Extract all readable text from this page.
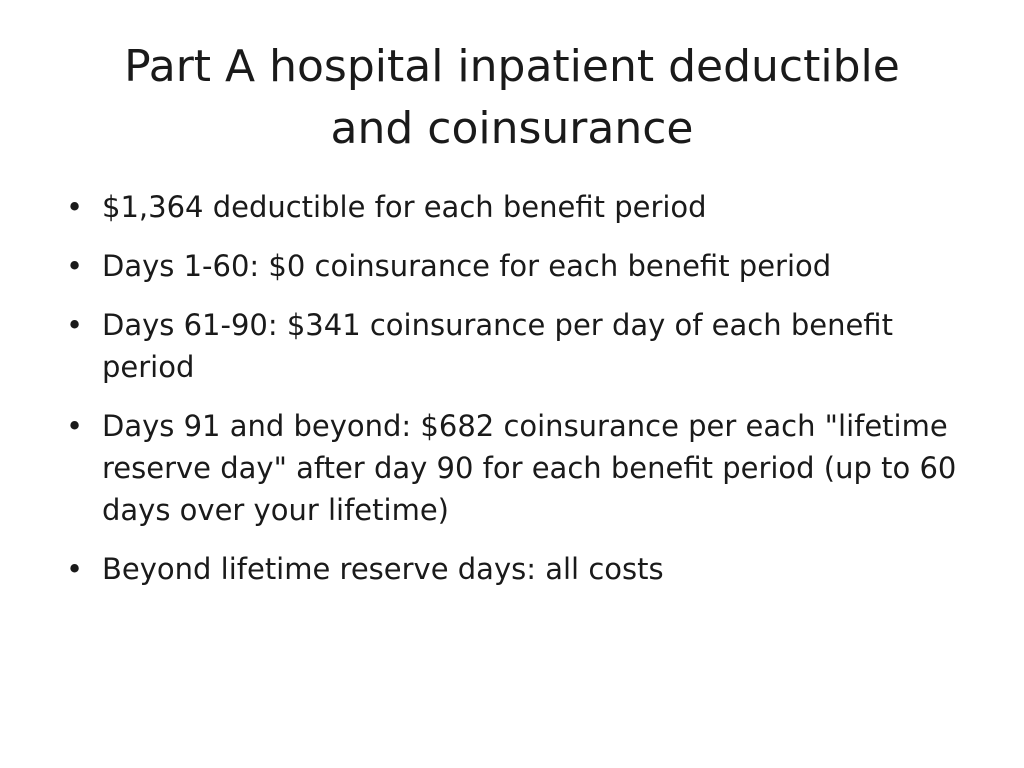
Part A hospital inpatient deductible
and coinsurance
• $1,364 deductible for each benefit period
• Days 1-60: $0 coinsurance for each benefit period
• Days 61-90: $341 coinsurance per day of each benefit period
• Days 91 and beyond: $682 coinsurance per each "lifetime reserve day" after day 90 for each benefit period (up to 60 days over your lifetime)
• Beyond lifetime reserve days: all costs
